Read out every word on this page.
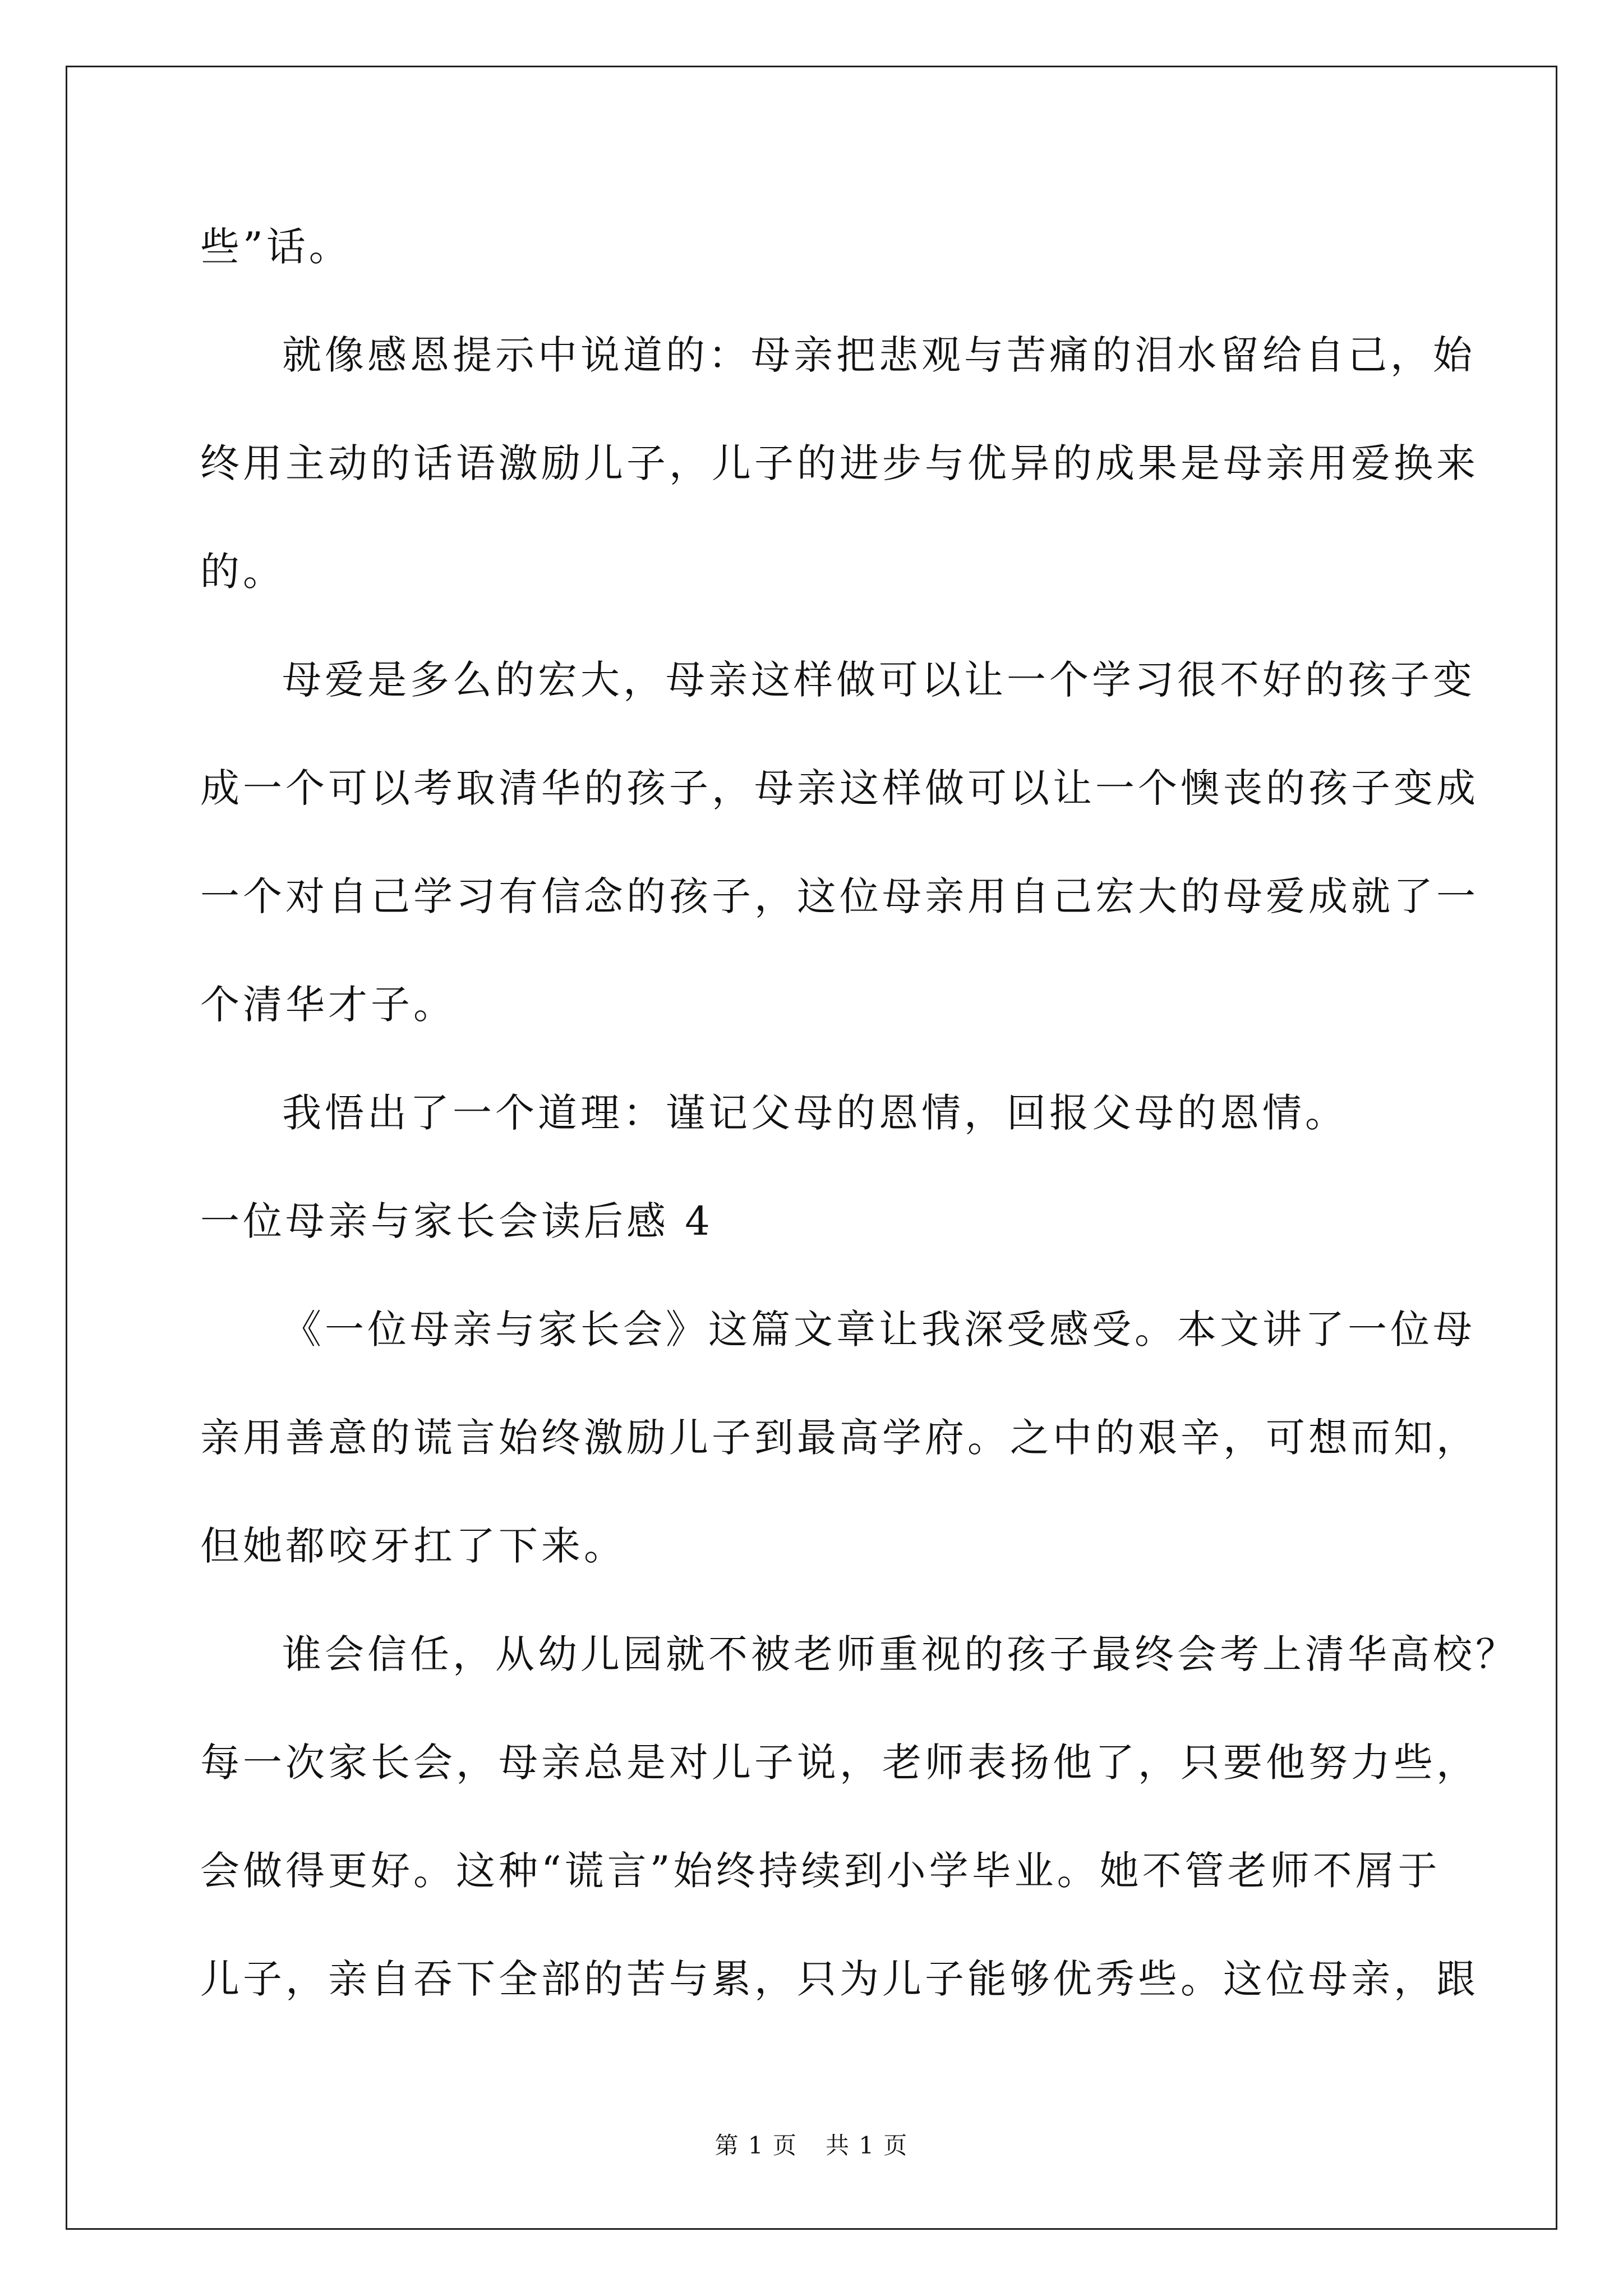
些”话。
就像感恩提示中说道的：母亲把悲观与苦痛的泪水留给自己，始
终用主动的话语激励儿子，儿子的进步与优异的成果是母亲用爱换来
的。
母爱是多么的宏大，母亲这样做可以让一个学习很不好的孩子变
成一个可以考取清华的孩子，母亲这样做可以让一个懊丧的孩子变成
一个对自己学习有信念的孩子，这位母亲用自己宏大的母爱成就了一
个清华才子。
我悟出了一个道理：谨记父母的恩情，回报父母的恩情。
一位母亲与家长会读后感 4
《一位母亲与家长会》这篇文章让我深受感受。本文讲了一位母
亲用善意的谎言始终激励儿子到最高学府。之中的艰辛，可想而知，
但她都咬牙扛了下来。
谁会信任，从幼儿园就不被老师重视的孩子最终会考上清华高校？
每一次家长会，母亲总是对儿子说，老师表扬他了，只要他努力些，
会做得更好。这种“谎言”始终持续到小学毕业。她不管老师不屑于
儿子，亲自吞下全部的苦与累，只为儿子能够优秀些。这位母亲，跟
第 1 页 共 1 页
